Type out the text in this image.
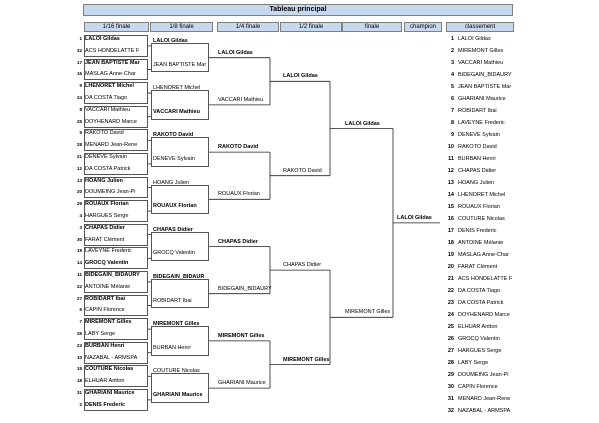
Tableau principal
1/16 finale	1/8 finale	1/4 finale	1/2 finale	finale	champion	classement
1 LALOI Gildas
32 ACS HONDELATTE F
17 JEAN BAPTISTE Mar
16 MASLAG Anne-Char
9 LHENORET Michel
24 DA COSTA Tiago
8 VACCARI Mathieu
25 DOYHENARD Marce
5 RAKOTO David
28 MENARD Jean-Rene
21 DENEVE Sylvain
12 DA COSTA Patrick
13 HOANG Julien
20 DOUMEING Jean-Pi
29 ROUAUX Florian
4 HARGUES Serge
3 CHAPAS Didier
30 FARAT Clément
19 LAVEYNE Frederic
14 GROCQ Valentin
11 BIDEGAIN_BIDAURY
22 ANTOINE Mélanie
27 ROBIDART Ibai
6 CAPIN Florence
7 MIREMONT Gilles
26 LABY Serge
23 BURBAN Henri
10 NAZABAL - ARMSPA
15 COUTURE Nicolas
18 ELHUAR Antton
31 GHARIANI Maurice
2 DENIS Frederic
LALOI Gildas
JEAN BAPTISTE Mar
LHENORET Michel
VACCARI Mathieu
RAKOTO David
DENEVE Sylvain
HOANG Julien
ROUAUX Florian
CHAPAS Didier
GROCQ Valentin
BIDEGAIN_BIDAUR
ROBIDART Ibai
MIREMONT Gilles
BURBAN Henri
COUTURE Nicolas
GHARIANI Maurice
LALOI Gildas
VACCARI Mathieu
RAKOTO David
ROUAUX Florian
CHAPAS Didier
BIDEGAIN_BIDAURY
MIREMONT Gilles
GHARIANI Maurice
LALOI Gildas
RAKOTO David
CHAPAS Didier
MIREMONT Gilles
LALOI Gildas
MIREMONT Gilles
LALOI Gildas
1 LALOI Gildas
2 MIREMONT Gilles
3 VACCARI Mathieu
4 BIDEGAIN_BIDAURY
5 JEAN BAPTISTE Mar
6 GHARIANI Maurice
7 ROBIDART Ibai
8 LAVEYNE Frederic
9 DENEVE Sylvain
10 RAKOTO David
11 BURBAN Henri
12 CHAPAS Didier
13 HOANG Julien
14 LHENORET Michel
15 ROUAUX Florian
16 COUTURE Nicolas
17 DENIS Frederic
18 ANTOINE Mélanie
19 MASLAG Anne-Char
20 FARAT Clément
21 ACS HONDELATTE F
22 DA COSTA Tiago
23 DA COSTA Patrick
24 DOYHENARD Marce
25 ELHUAR Antton
26 GROCQ Valentin
27 HARGUES Serge
28 LABY Serge
29 DOUMEING Jean-Pi
30 CAPIN Florence
31 MENARD Jean-Rene
32 NAZABAL - ARMSPA
